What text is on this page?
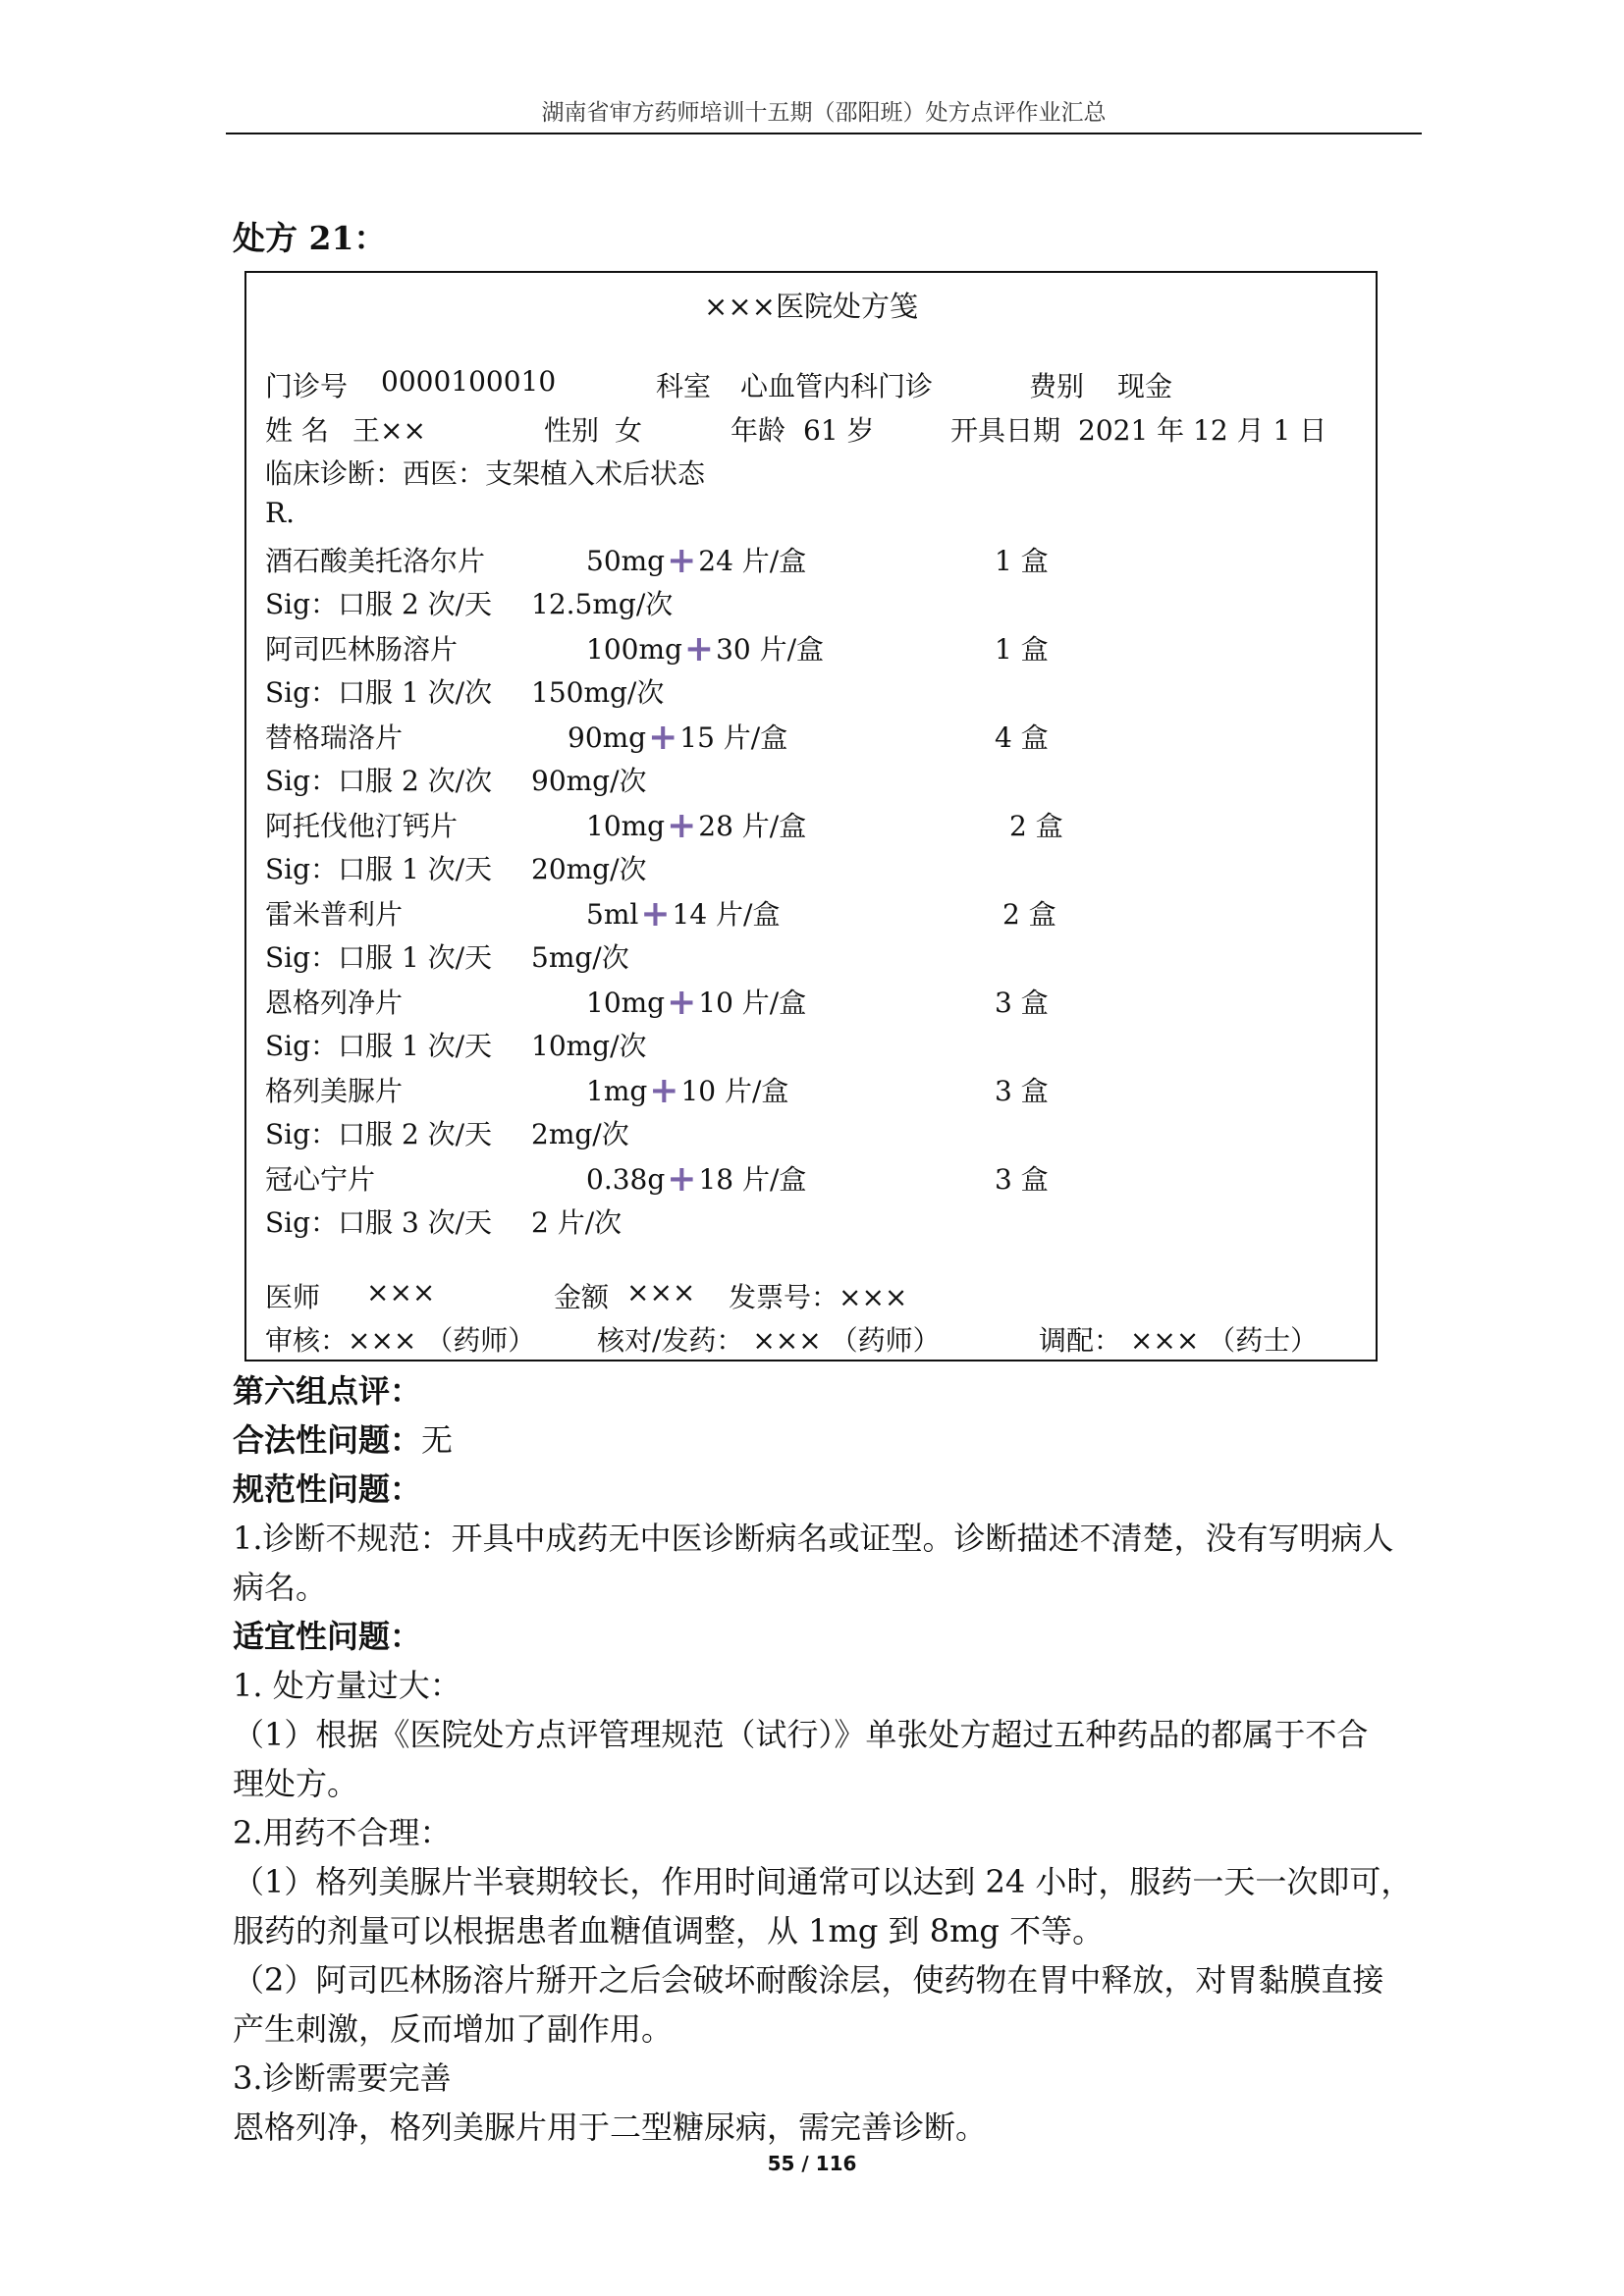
湖南省审方药师培训十五期（邵阳班）处方点评作业汇总
处方 21：
×××医院处方笺
门诊号 0000100010	科室 心血管内科门诊	费别 现金
姓 名 王××	性别 女	年龄 61 岁	开具日期 2021 年 12 月 1 日
临床诊断：西医：支架植入术后状态
R.
酒石酸美托洛尔片	50mg+24 片/盒	1 盒
Sig：口服 2 次/天 12.5mg/次
阿司匹林肠溶片	100mg+30 片/盒	1 盒
Sig：口服 1 次/次 150mg/次
替格瑞洛片	90mg+15 片/盒	4 盒
Sig：口服 2 次/次 90mg/次
阿托伐他汀钙片	10mg+28 片/盒	2 盒
Sig：口服 1 次/天 20mg/次
雷米普利片	5ml+14 片/盒	2 盒
Sig：口服 1 次/天 5mg/次
恩格列净片	10mg+10 片/盒	3 盒
Sig：口服 1 次/天 10mg/次
格列美脲片	1mg+10 片/盒	3 盒
Sig：口服 2 次/天 2mg/次
冠心宁片	0.38g+18 片/盒	3 盒
Sig：口服 3 次/天 2 片/次
医师 ×××	金额 ××× 发票号：×××
审核：××× （药师） 核对/发药： ××× （药师）	调配： ××× （药士）

第六组点评：

合法性问题：无

规范性问题：

1.诊断不规范：开具中成药无中医诊断病名或证型。诊断描述不清楚，没有写明病人

病名。

适宜性问题：

1. 处方量过大：

（1）根据《医院处方点评管理规范（试行）》单张处方超过五种药品的都属于不合

理处方。

2.用药不合理：

（1）格列美脲片半衰期较长，作用时间通常可以达到 24 小时，服药一天一次即可，

服药的剂量可以根据患者血糖值调整，从 1mg 到 8mg 不等。

（2）阿司匹林肠溶片掰开之后会破坏耐酸涂层，使药物在胃中释放，对胃黏膜直接

产生刺激，反而增加了副作用。

3.诊断需要完善

恩格列净，格列美脲片用于二型糖尿病，需完善诊断。

55 / 116
